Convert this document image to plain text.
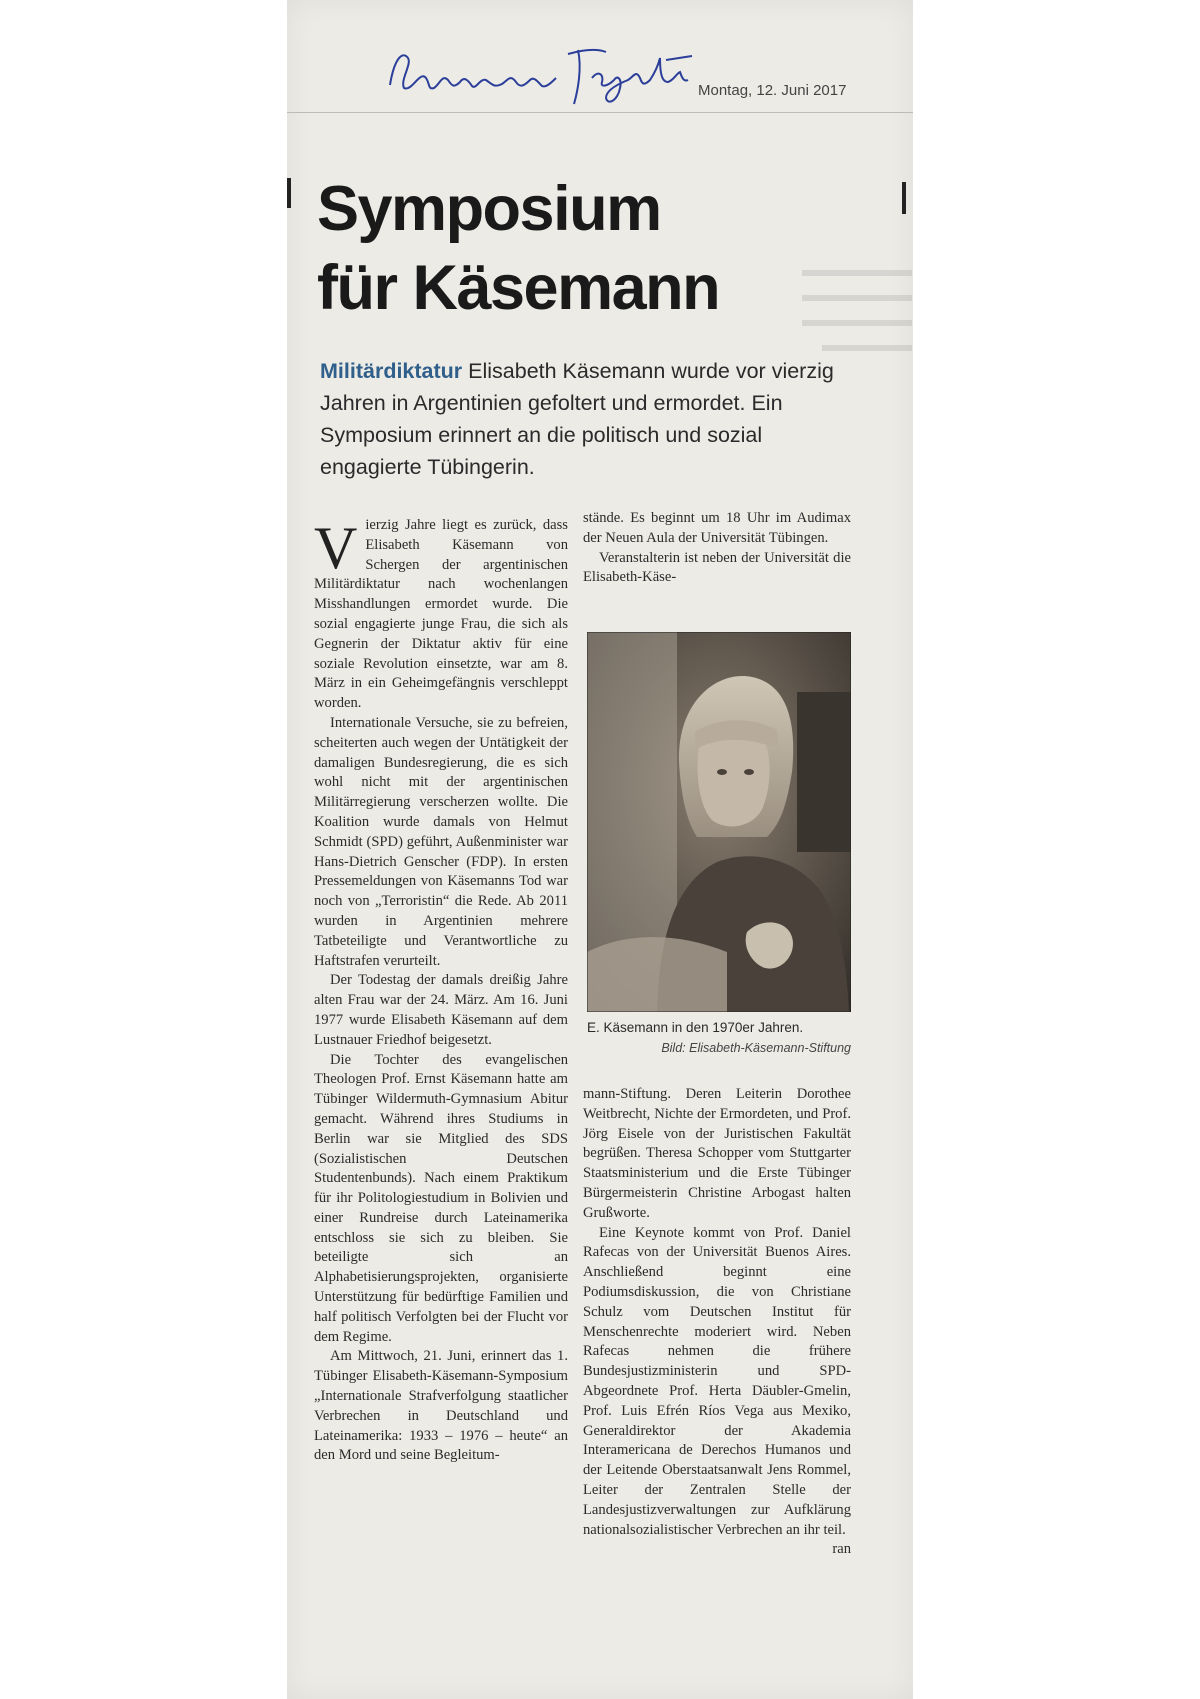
Montag, 12. Juni 2017
Symposium
für Käsemann

Militärdiktatur Elisabeth Käsemann wurde vor vierzig Jahren in Argentinien gefoltert und ermordet. Ein Symposium erinnert an die politisch und sozial engagierte Tübingerin.

Vierzig Jahre liegt es zurück, dass Elisabeth Käsemann von Schergen der argentinischen Militärdiktatur nach wochenlangen Misshandlungen ermordet wurde. Die sozial engagierte junge Frau, die sich als Gegnerin der Diktatur aktiv für eine soziale Revolution einsetzte, war am 8. März in ein Geheimgefängnis verschleppt worden.

Internationale Versuche, sie zu befreien, scheiterten auch wegen der Untätigkeit der damaligen Bundesregierung, die es sich wohl nicht mit der argentinischen Militärregierung verscherzen wollte. Die Koalition wurde damals von Helmut Schmidt (SPD) geführt, Außenminister war Hans-Dietrich Genscher (FDP). In ersten Pressemeldungen von Käsemanns Tod war noch von „Terroristin“ die Rede. Ab 2011 wurden in Argentinien mehrere Tatbeteiligte und Verantwortliche zu Haftstrafen verurteilt.

Der Todestag der damals dreißig Jahre alten Frau war der 24. März. Am 16. Juni 1977 wurde Elisabeth Käsemann auf dem Lustnauer Friedhof beigesetzt.

Die Tochter des evangelischen Theologen Prof. Ernst Käsemann hatte am Tübinger Wildermuth-Gymnasium Abitur gemacht. Während ihres Studiums in Berlin war sie Mitglied des SDS (Sozialistischen Deutschen Studentenbunds). Nach einem Praktikum für ihr Politologiestudium in Bolivien und einer Rundreise durch Lateinamerika entschloss sie sich zu bleiben. Sie beteiligte sich an Alphabetisierungsprojekten, organisierte Unterstützung für bedürftige Familien und half politisch Verfolgten bei der Flucht vor dem Regime.

Am Mittwoch, 21. Juni, erinnert das 1. Tübinger Elisabeth-Käsemann-Symposium „Internationale Strafverfolgung staatlicher Verbrechen in Deutschland und Lateinamerika: 1933 – 1976 – heute“ an den Mord und seine Begleitum-

stände. Es beginnt um 18 Uhr im Audimax der Neuen Aula der Universität Tübingen.

Veranstalterin ist neben der Universität die Elisabeth-Käse-

E. Käsemann in den 1970er Jahren.
Bild: Elisabeth-Käsemann-Stiftung

mann-Stiftung. Deren Leiterin Dorothee Weitbrecht, Nichte der Ermordeten, und Prof. Jörg Eisele von der Juristischen Fakultät begrüßen. Theresa Schopper vom Stuttgarter Staatsministerium und die Erste Tübinger Bürgermeisterin Christine Arbogast halten Grußworte.

Eine Keynote kommt von Prof. Daniel Rafecas von der Universität Buenos Aires. Anschließend beginnt eine Podiumsdiskussion, die von Christiane Schulz vom Deutschen Institut für Menschenrechte moderiert wird. Neben Rafecas nehmen die frühere Bundesjustizministerin und SPD-Abgeordnete Prof. Herta Däubler-Gmelin, Prof. Luis Efrén Ríos Vega aus Mexiko, Generaldirektor der Akademia Interamericana de Derechos Humanos und der Leitende Oberstaatsanwalt Jens Rommel, Leiter der Zentralen Stelle der Landesjustizverwaltungen zur Aufklärung nationalsozialistischer Verbrechen an ihr teil.

ran
